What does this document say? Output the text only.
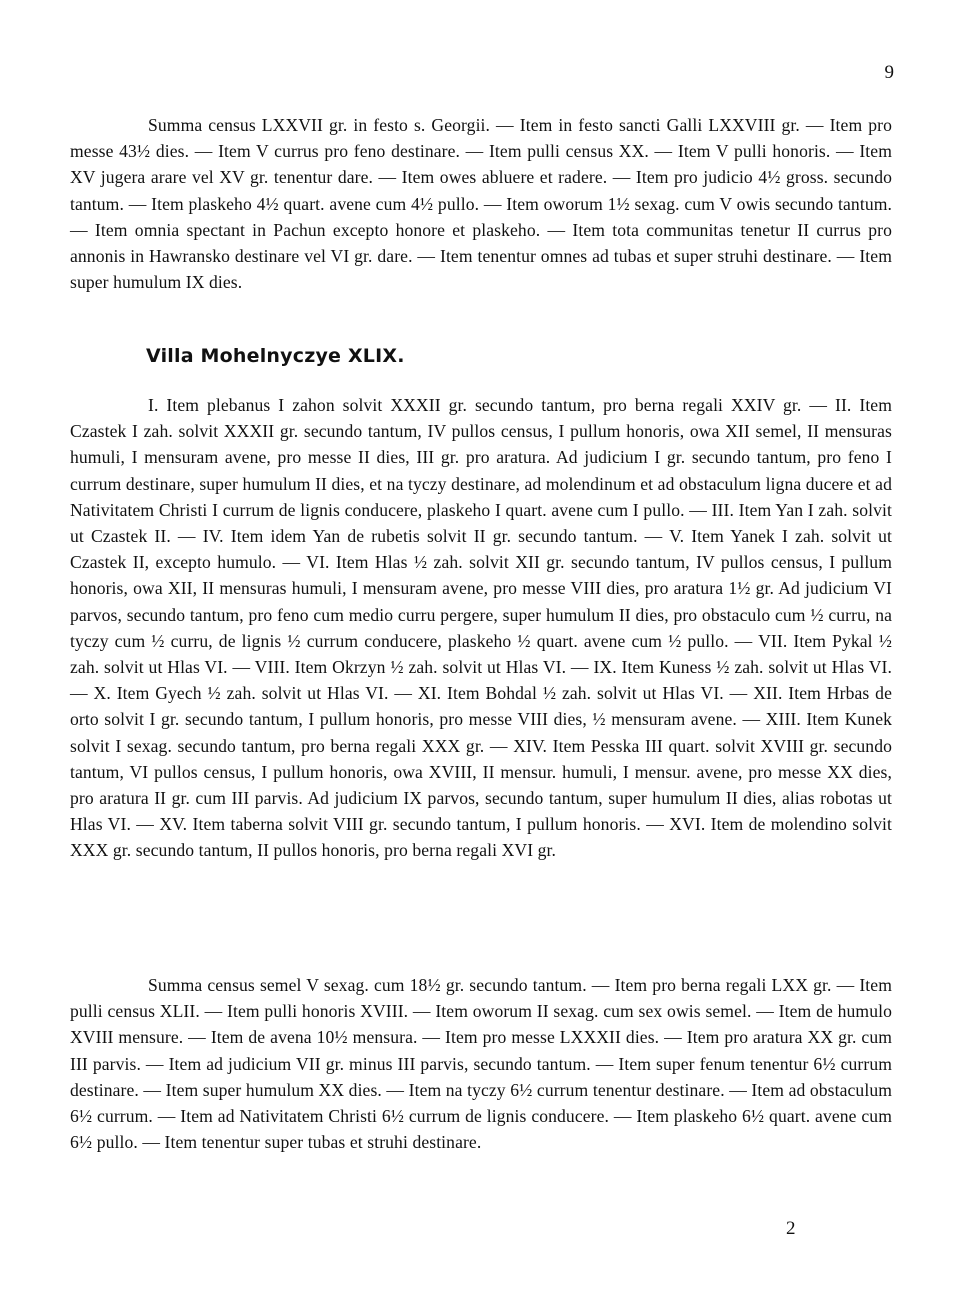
9

Summa census LXXVII gr. in festo s. Georgii. — Item in festo sancti Galli LXXVIII gr. — Item pro messe 43½ dies. — Item V currus pro feno destinare. — Item pulli census XX. — Item V pulli honoris. — Item XV jugera arare vel XV gr. tenentur dare. — Item owes abluere et radere. — Item pro judicio 4½ gross. secundo tantum. — Item plaskeho 4½ quart. avene cum 4½ pullo. — Item oworum 1½ sexag. cum V owis secundo tantum. — Item omnia spectant in Pachun excepto honore et plaskeho. — Item tota communitas tenetur II currus pro annonis in Hawransko destinare vel VI gr. dare. — Item tenentur omnes ad tubas et super struhi destinare. — Item super humulum IX dies.

Villa Mohelnyczye XLIX.

I. Item plebanus I zahon solvit XXXII gr. secundo tantum, pro berna regali XXIV gr. — II. Item Czastek I zah. solvit XXXII gr. secundo tantum, IV pullos census, I pullum honoris, owa XII semel, II mensuras humuli, I mensuram avene, pro messe II dies, III gr. pro aratura. Ad judicium I gr. secundo tantum, pro feno I currum destinare, super humulum II dies, et na tyczy destinare, ad molendinum et ad obstaculum ligna ducere et ad Nativitatem Christi I currum de lignis conducere, plaskeho I quart. avene cum I pullo. — III. Item Yan I zah. solvit ut Czastek II. — IV. Item idem Yan de rubetis solvit II gr. secundo tantum. — V. Item Yanek I zah. solvit ut Czastek II, excepto humulo. — VI. Item Hlas ½ zah. solvit XII gr. secundo tantum, IV pullos census, I pullum honoris, owa XII, II mensuras humuli, I mensuram avene, pro messe VIII dies, pro aratura 1½ gr. Ad judicium VI parvos, secundo tantum, pro feno cum medio curru pergere, super humulum II dies, pro obstaculo cum ½ curru, na tyczy cum ½ curru, de lignis ½ currum conducere, plaskeho ½ quart. avene cum ½ pullo. — VII. Item Pykal ½ zah. solvit ut Hlas VI. — VIII. Item Okrzyn ½ zah. solvit ut Hlas VI. — IX. Item Kuness ½ zah. solvit ut Hlas VI. — X. Item Gyech ½ zah. solvit ut Hlas VI. — XI. Item Bohdal ½ zah. solvit ut Hlas VI. — XII. Item Hrbas de orto solvit I gr. secundo tantum, I pullum honoris, pro messe VIII dies, ½ mensuram avene. — XIII. Item Kunek solvit I sexag. secundo tantum, pro berna regali XXX gr. — XIV. Item Pesska III quart. solvit XVIII gr. secundo tantum, VI pullos census, I pullum honoris, owa XVIII, II mensur. humuli, I mensur. avene, pro messe XX dies, pro aratura II gr. cum III parvis. Ad judicium IX parvos, secundo tantum, super humulum II dies, alias robotas ut Hlas VI. — XV. Item taberna solvit VIII gr. secundo tantum, I pullum honoris. — XVI. Item de molendino solvit XXX gr. secundo tantum, II pullos honoris, pro berna regali XVI gr.

Summa census semel V sexag. cum 18½ gr. secundo tantum. — Item pro berna regali LXX gr. — Item pulli census XLII. — Item pulli honoris XVIII. — Item oworum II sexag. cum sex owis semel. — Item de humulo XVIII mensure. — Item de avena 10½ mensura. — Item pro messe LXXXII dies. — Item pro aratura XX gr. cum III parvis. — Item ad judicium VII gr. minus III parvis, secundo tantum. — Item super fenum tenentur 6½ currum destinare. — Item super humulum XX dies. — Item na tyczy 6½ currum tenentur destinare. — Item ad obstaculum 6½ currum. — Item ad Nativitatem Christi 6½ currum de lignis conducere. — Item plaskeho 6½ quart. avene cum 6½ pullo. — Item tenentur super tubas et struhi destinare.

2
